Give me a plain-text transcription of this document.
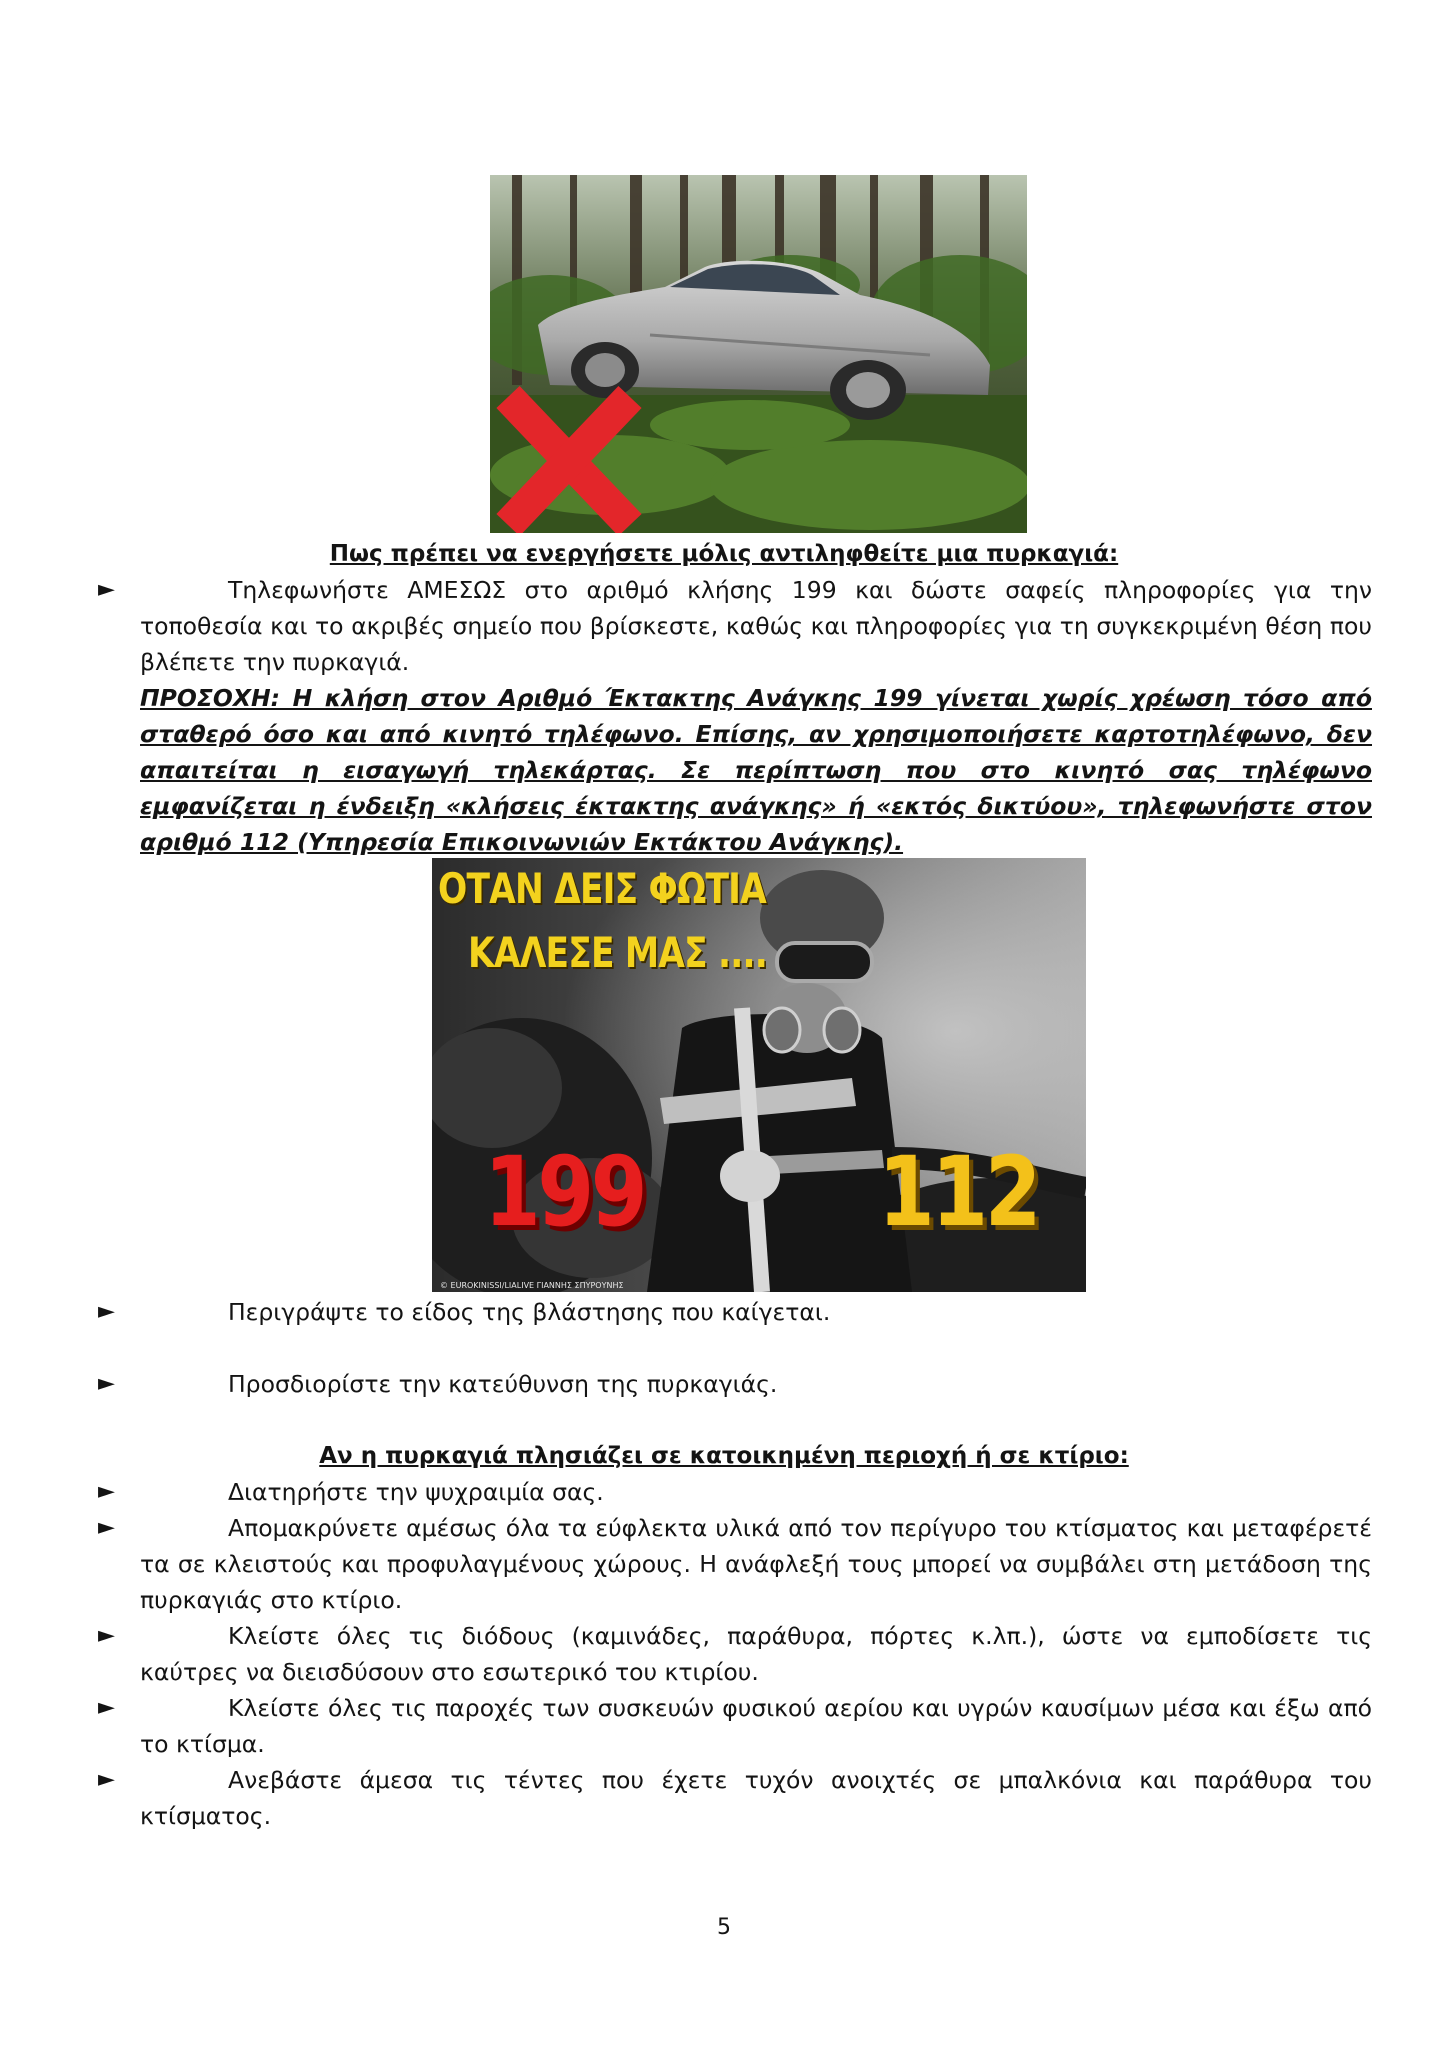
Πως πρέπει να ενεργήσετε μόλις αντιληφθείτε μια πυρκαγιά:
►	Τηλεφωνήστε ΑΜΕΣΩΣ στο αριθμό κλήσης 199 και δώστε σαφείς πληροφορίες για την τοποθεσία και το ακριβές σημείο που βρίσκεστε, καθώς και πληροφορίες για τη συγκεκριμένη θέση που βλέπετε την πυρκαγιά.
ΠΡΟΣΟΧΗ: Η κλήση στον Αριθμό Έκτακτης Ανάγκης 199 γίνεται χωρίς χρέωση τόσο από σταθερό όσο και από κινητό τηλέφωνο. Επίσης, αν χρησιμοποιήσετε καρτοτηλέφωνο, δεν απαιτείται η εισαγωγή τηλεκάρτας. Σε περίπτωση που στο κινητό σας τηλέφωνο εμφανίζεται η ένδειξη «κλήσεις έκτακτης ανάγκης» ή «εκτός δικτύου», τηλεφωνήστε στον αριθμό 112 (Υπηρεσία Επικοινωνιών Εκτάκτου Ανάγκης).
ΟΤΑΝ ΔΕΙΣ ΦΩΤΙΑ
ΚΑΛΕΣΕ ΜΑΣ ....
199 112
© EUROKINISSI/LIALIVE ΓΙΑΝΝΗΣ ΣΠΥΡΟΥΝΗΣ
►	Περιγράψτε το είδος της βλάστησης που καίγεται.
►	Προσδιορίστε την κατεύθυνση της πυρκαγιάς.
Αν η πυρκαγιά πλησιάζει σε κατοικημένη περιοχή ή σε κτίριο:
►	Διατηρήστε την ψυχραιμία σας.
►	Απομακρύνετε αμέσως όλα τα εύφλεκτα υλικά από τον περίγυρο του κτίσματος και μεταφέρετέ τα σε κλειστούς και προφυλαγμένους χώρους. Η ανάφλεξή τους μπορεί να συμβάλει στη μετάδοση της πυρκαγιάς στο κτίριο.
►	Κλείστε όλες τις διόδους (καμινάδες, παράθυρα, πόρτες κ.λπ.), ώστε να εμποδίσετε τις καύτρες να διεισδύσουν στο εσωτερικό του κτιρίου.
►	Κλείστε όλες τις παροχές των συσκευών φυσικού αερίου και υγρών καυσίμων μέσα και έξω από το κτίσμα.
►	Ανεβάστε άμεσα τις τέντες που έχετε τυχόν ανοιχτές σε μπαλκόνια και παράθυρα του κτίσματος.
5
